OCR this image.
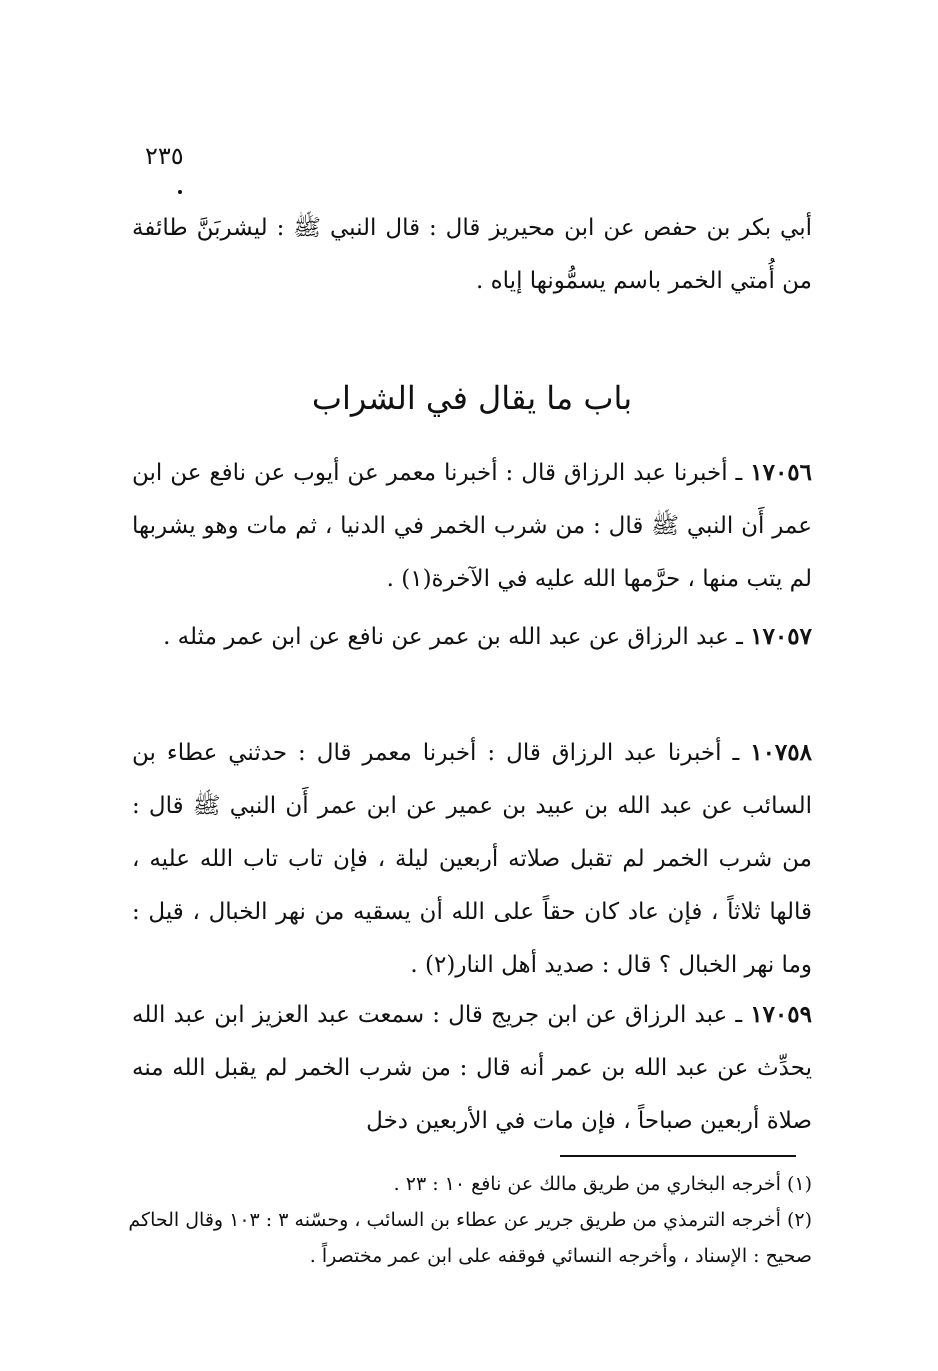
٢٣٥
أبي بكر بن حفص عن ابن محيريز قال : قال النبي ﷺ : ليشربَنَّ طائفة من أُمتي الخمر باسم يسمُّونها إياه .
باب ما يقال في الشراب
١٧٠٥٦ ـ أخبرنا عبد الرزاق قال : أخبرنا معمر عن أيوب عن نافع عن ابن عمر أَن النبي ﷺ قال : من شرب الخمر في الدنيا ، ثم مات وهو يشربها لم يتب منها ، حرَّمها الله عليه في الآخرة(١) .
١٧٠٥٧ ـ عبد الرزاق عن عبد الله بن عمر عن نافع عن ابن عمر مثله .
١٠٧٥٨ ـ أخبرنا عبد الرزاق قال : أخبرنا معمر قال : حدثني عطاء بن السائب عن عبد الله بن عبيد بن عمير عن ابن عمر أَن النبي ﷺ قال : من شرب الخمر لم تقبل صلاته أربعين ليلة ، فإن تاب تاب الله عليه ، قالها ثلاثاً ، فإن عاد كان حقاً على الله أن يسقيه من نهر الخبال ، قيل : وما نهر الخبال ؟ قال : صديد أهل النار(٢) .
١٧٠٥٩ ـ عبد الرزاق عن ابن جريج قال : سمعت عبد العزيز ابن عبد الله يحدِّث عن عبد الله بن عمر أنه قال : من شرب الخمر لم يقبل الله منه صلاة أربعين صباحاً ، فإن مات في الأربعين دخل

(١) أخرجه البخاري من طريق مالك عن نافع ١٠ : ٢٣ .

(٢) أخرجه الترمذي من طريق جرير عن عطاء بن السائب ، وحسّنه ٣ : ١٠٣ وقال الحاكم صحيح : الإسناد ، وأخرجه النسائي فوقفه على ابن عمر مختصراً .
